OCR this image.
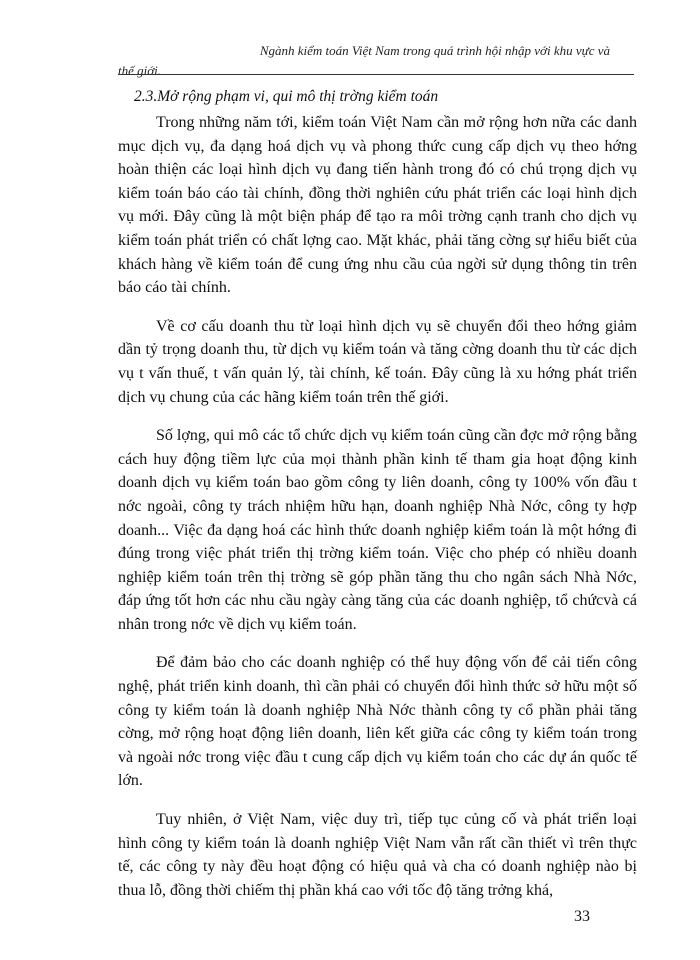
Ngành kiểm toán Việt Nam trong quá trình hội nhập với khu vực và
thế giới.
2.3.Mở rộng phạm vi, qui mô thị trờng kiểm toán

Trong những năm tới, kiểm toán Việt Nam cần mở rộng hơn nữa các danh mục dịch vụ, đa dạng hoá dịch vụ và phong thức cung cấp dịch vụ theo hớng hoàn thiện các loại hình dịch vụ đang tiến hành trong đó có chú trọng dịch vụ kiểm toán báo cáo tài chính, đồng thời nghiên cứu phát triển các loại hình dịch vụ mới. Đây cũng là một biện pháp để tạo ra môi trờng cạnh tranh cho dịch vụ kiểm toán phát triển có chất lợng cao. Mặt khác, phải tăng cờng sự hiểu biết của khách hàng về kiểm toán để cung ứng nhu cầu của ngời sử dụng thông tin trên báo cáo tài chính.

Về cơ cấu doanh thu từ loại hình dịch vụ sẽ chuyển đổi theo hớng giảm dần tỷ trọng doanh thu, từ dịch vụ kiểm toán và tăng cờng doanh thu từ các dịch vụ t vấn thuế, t vấn quản lý, tài chính, kế toán. Đây cũng là xu hớng phát triển dịch vụ chung của các hãng kiểm toán trên thế giới.

Số lợng, qui mô các tổ chức dịch vụ kiểm toán cũng cần đợc mở rộng bằng cách huy động tiềm lực của mọi thành phần kinh tế tham gia hoạt động kinh doanh dịch vụ kiểm toán bao gồm công ty liên doanh, công ty 100% vốn đầu t nớc ngoài, công ty trách nhiệm hữu hạn, doanh nghiệp Nhà Nớc, công ty hợp doanh... Việc đa dạng hoá các hình thức doanh nghiệp kiểm toán là một hớng đi đúng trong việc phát triển thị trờng kiểm toán. Việc cho phép có nhiều doanh nghiệp kiểm toán trên thị trờng sẽ góp phần tăng thu cho ngân sách Nhà Nớc, đáp ứng tốt hơn các nhu cầu ngày càng tăng của các doanh nghiệp, tổ chứcvà cá nhân trong nớc về dịch vụ kiểm toán.

Để đảm bảo cho các doanh nghiệp có thể huy động vốn để cải tiến công nghệ, phát triển kinh doanh, thì cần phải có chuyển đổi hình thức sở hữu một số công ty kiểm toán là doanh nghiệp Nhà Nớc thành công ty cổ phần phải tăng cờng, mở rộng hoạt động liên doanh, liên kết giữa các công ty kiểm toán trong và ngoài nớc trong việc đầu t cung cấp dịch vụ kiểm toán cho các dự án quốc tế lớn.

Tuy nhiên, ở Việt Nam, việc duy trì, tiếp tục củng cố và phát triển loại hình công ty kiểm toán là doanh nghiệp Việt Nam vẫn rất cần thiết vì trên thực tế, các công ty này đều hoạt động có hiệu quả và cha có doanh nghiệp nào bị thua lỗ, đồng thời chiếm thị phần khá cao với tốc độ tăng trởng khá,

33
